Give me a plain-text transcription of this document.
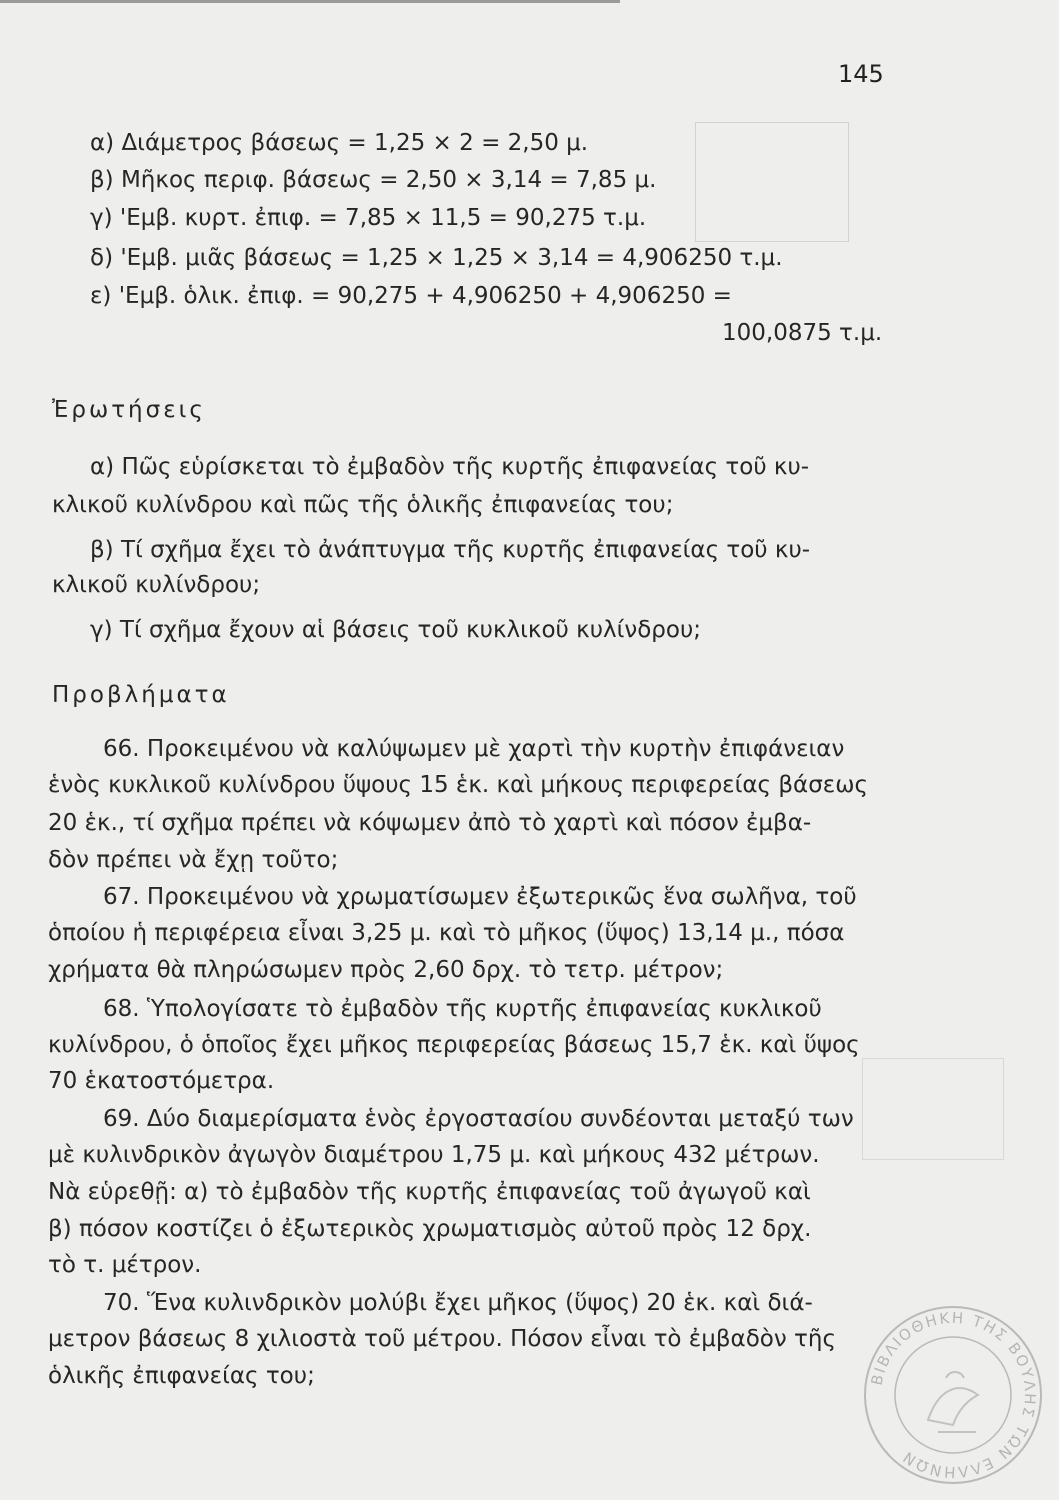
145
α) Διάμετρος βάσεως = 1,25 × 2 = 2,50 μ.
β) Μῆκος περιφ. βάσεως = 2,50 × 3,14 = 7,85 μ.
γ) 'Εμβ. κυρτ. ἐπιφ. = 7,85 × 11,5 = 90,275 τ.μ.
δ) 'Εμβ. μιᾶς βάσεως = 1,25 × 1,25 × 3,14 = 4,906250 τ.μ.
ε) 'Εμβ. ὁλικ. ἐπιφ. = 90,275 + 4,906250 + 4,906250 =
100,0875 τ.μ.
Ἐρωτήσεις
α) Πῶς εὑρίσκεται τὸ ἐμβαδὸν τῆς κυρτῆς ἐπιφανείας τοῦ κυ-
κλικοῦ κυλίνδρου καὶ πῶς τῆς ὁλικῆς ἐπιφανείας του;
β) Τί σχῆμα ἔχει τὸ ἀνάπτυγμα τῆς κυρτῆς ἐπιφανείας τοῦ κυ-
κλικοῦ κυλίνδρου;
γ) Τί σχῆμα ἔχουν αἱ βάσεις τοῦ κυκλικοῦ κυλίνδρου;
Προβλήματα
66. Προκειμένου νὰ καλύψωμεν μὲ χαρτὶ τὴν κυρτὴν ἐπιφάνειαν
ἑνὸς κυκλικοῦ κυλίνδρου ὕψους 15 ἑκ. καὶ μήκους περιφερείας βάσεως
20 ἑκ., τί σχῆμα πρέπει νὰ κόψωμεν ἀπὸ τὸ χαρτὶ καὶ πόσον ἐμβα-
δὸν πρέπει νὰ ἔχῃ τοῦτο;
67. Προκειμένου νὰ χρωματίσωμεν ἐξωτερικῶς ἕνα σωλῆνα, τοῦ
ὁποίου ἡ περιφέρεια εἶναι 3,25 μ. καὶ τὸ μῆκος (ὕψος) 13,14 μ., πόσα
χρήματα θὰ πληρώσωμεν πρὸς 2,60 δρχ. τὸ τετρ. μέτρον;
68. Ὑπολογίσατε τὸ ἐμβαδὸν τῆς κυρτῆς ἐπιφανείας κυκλικοῦ
κυλίνδρου, ὁ ὁποῖος ἔχει μῆκος περιφερείας βάσεως 15,7 ἑκ. καὶ ὕψος
70 ἑκατοστόμετρα.
69. Δύο διαμερίσματα ἑνὸς ἐργοστασίου συνδέονται μεταξύ των
μὲ κυλινδρικὸν ἀγωγὸν διαμέτρου 1,75 μ. καὶ μήκους 432 μέτρων.
Νὰ εὑρεθῇ: α) τὸ ἐμβαδὸν τῆς κυρτῆς ἐπιφανείας τοῦ ἀγωγοῦ καὶ
β) πόσον κοστίζει ὁ ἐξωτερικὸς χρωματισμὸς αὐτοῦ πρὸς 12 δρχ.
τὸ τ. μέτρον.
70. Ἕνα κυλινδρικὸν μολύβι ἔχει μῆκος (ὕψος) 20 ἑκ. καὶ διά-
μετρον βάσεως 8 χιλιοστὰ τοῦ μέτρου. Πόσον εἶναι τὸ ἐμβαδὸν τῆς
ὁλικῆς ἐπιφανείας του;	ΒΙΒΛΙΟΘΗΚΗ ΤΗΣ ΒΟΥΛΗΣ ΤΩΝ ΕΛΛΗΝΩΝ
